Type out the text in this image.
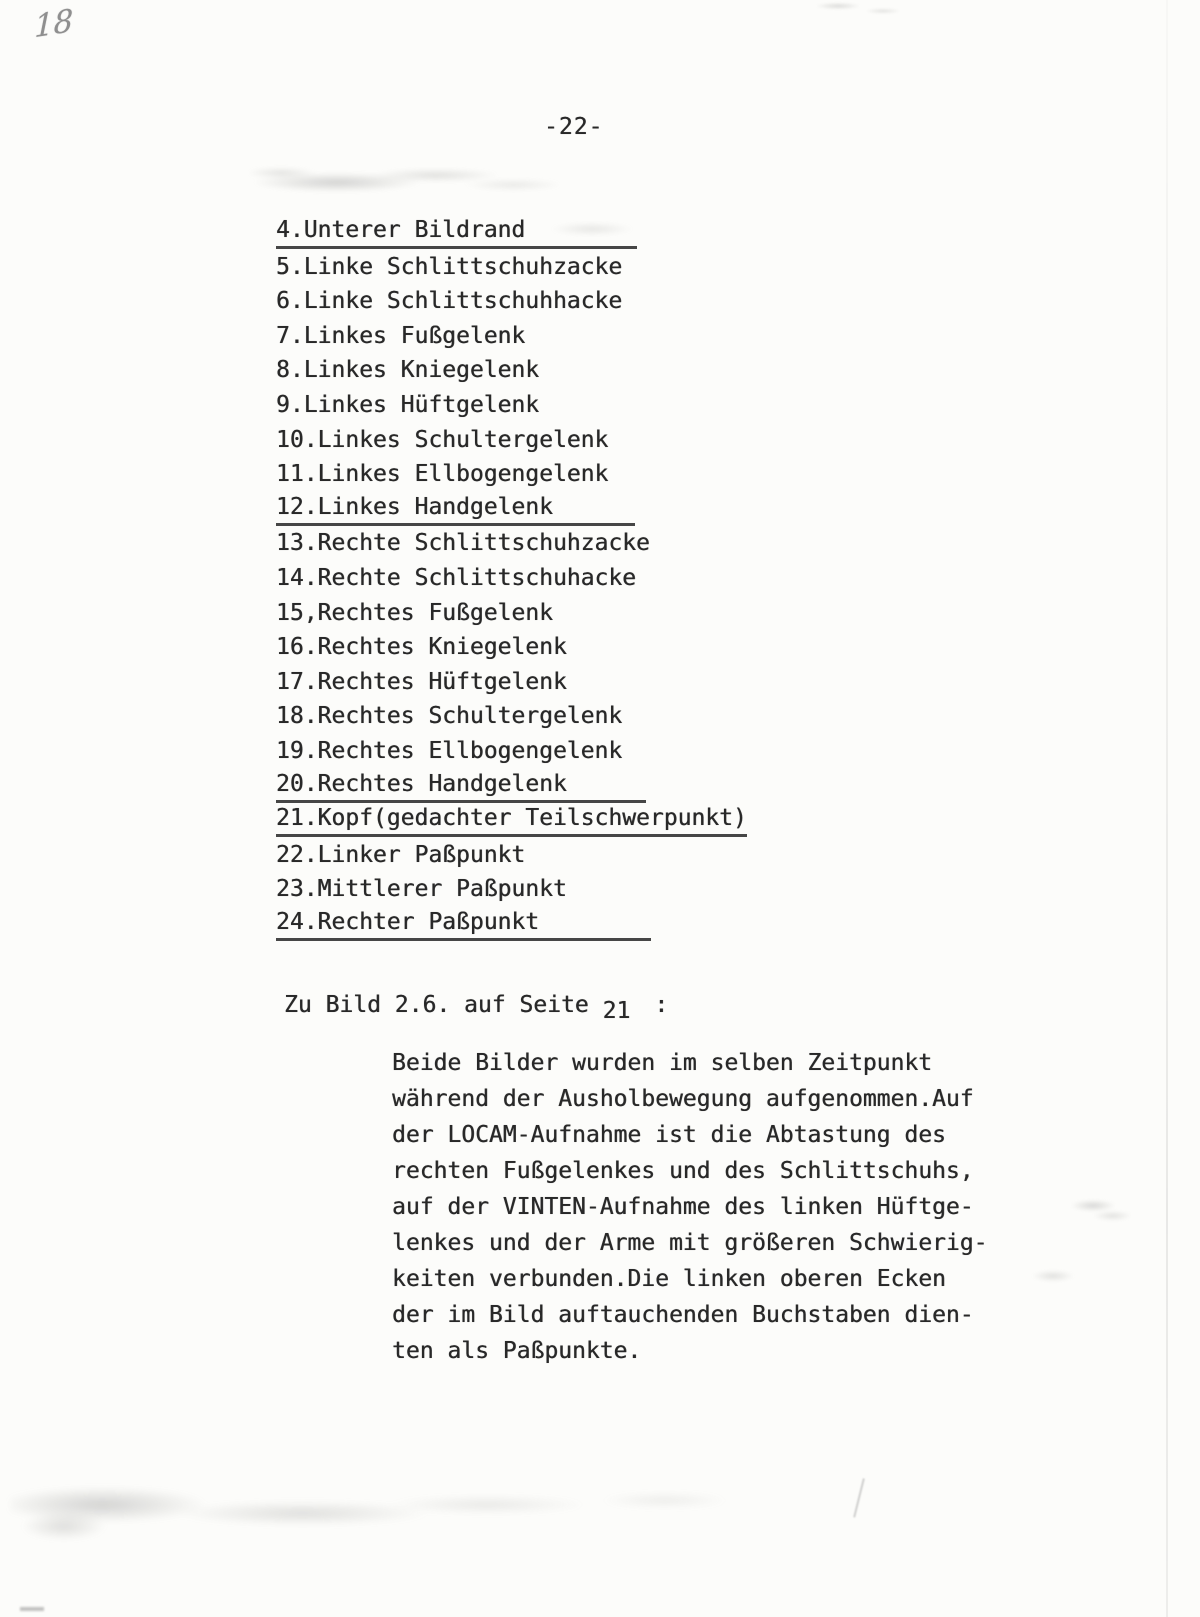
18
-22-
4.Unterer Bildrand
5.Linke Schlittschuhzacke
6.Linke Schlittschuhhacke
7.Linkes Fußgelenk
8.Linkes Kniegelenk
9.Linkes Hüftgelenk
10.Linkes Schultergelenk
11.Linkes Ellbogengelenk
12.Linkes Handgelenk
13.Rechte Schlittschuhzacke
14.Rechte Schlittschuhacke
15,Rechtes Fußgelenk
16.Rechtes Kniegelenk
17.Rechtes Hüftgelenk
18.Rechtes Schultergelenk
19.Rechtes Ellbogengelenk
20.Rechtes Handgelenk
21.Kopf(gedachter Teilschwerpunkt)
22.Linker Paßpunkt
23.Mittlerer Paßpunkt
24.Rechter Paßpunkt
Zu Bild 2.6. auf Seite 21 :
Beide Bilder wurden im selben Zeitpunkt
während der Ausholbewegung aufgenommen.Auf
der LOCAM-Aufnahme ist die Abtastung des
rechten Fußgelenkes und des Schlittschuhs,
auf der VINTEN-Aufnahme des linken Hüftge-
lenkes und der Arme mit größeren Schwierig-
keiten verbunden.Die linken oberen Ecken
der im Bild auftauchenden Buchstaben dien-
ten als Paßpunkte.
